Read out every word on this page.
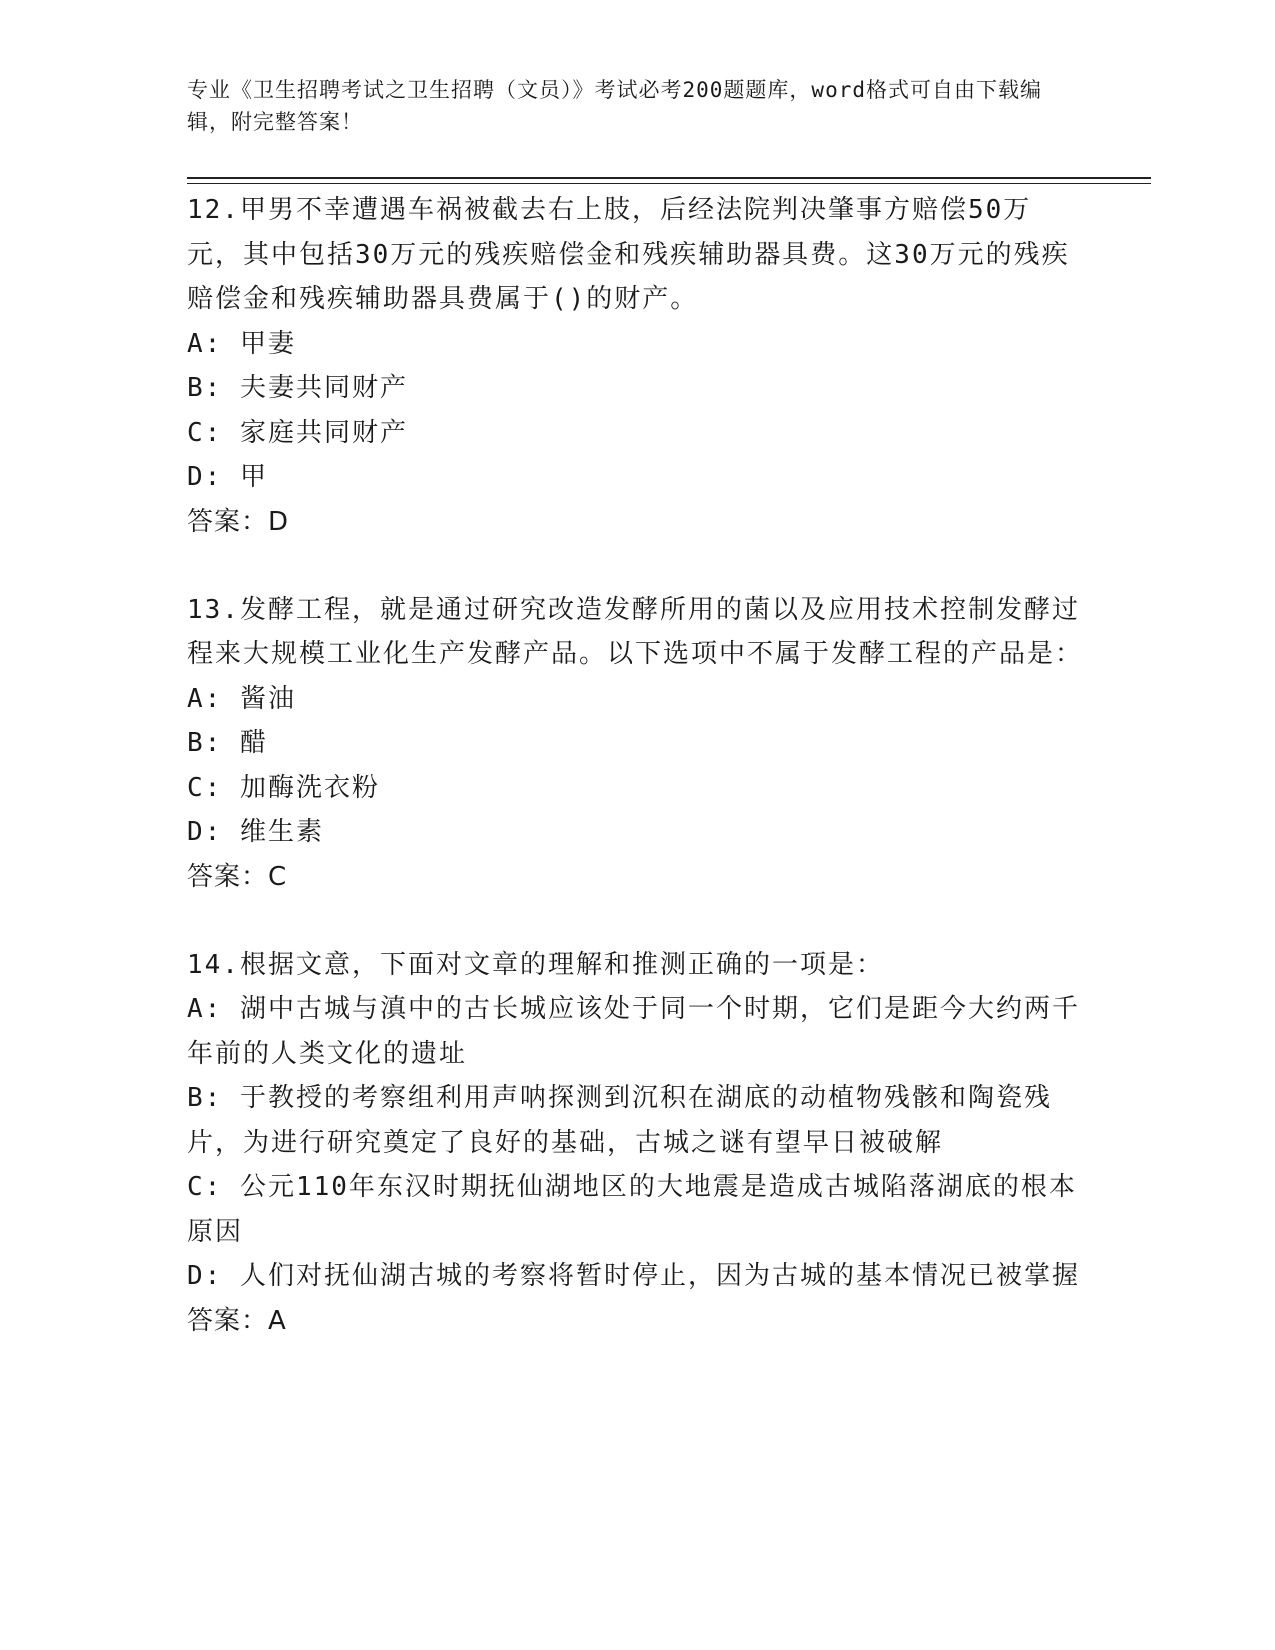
专业《卫生招聘考试之卫生招聘（文员）》考试必考200题题库，word格式可自由下载编辑，附完整答案！

12.甲男不幸遭遇车祸被截去右上肢，后经法院判决肇事方赔偿50万元，其中包括30万元的残疾赔偿金和残疾辅助器具费。这30万元的残疾赔偿金和残疾辅助器具费属于()的财产。

A: 甲妻

B: 夫妻共同财产

C: 家庭共同财产

D: 甲

答案：D

13.发酵工程，就是通过研究改造发酵所用的菌以及应用技术控制发酵过程来大规模工业化生产发酵产品。以下选项中不属于发酵工程的产品是：

A: 酱油

B: 醋

C: 加酶洗衣粉

D: 维生素

答案：C

14.根据文意，下面对文章的理解和推测正确的一项是：

A: 湖中古城与滇中的古长城应该处于同一个时期，它们是距今大约两千年前的人类文化的遗址

B: 于教授的考察组利用声呐探测到沉积在湖底的动植物残骸和陶瓷残片，为进行研究奠定了良好的基础，古城之谜有望早日被破解

C: 公元110年东汉时期抚仙湖地区的大地震是造成古城陷落湖底的根本原因

D: 人们对抚仙湖古城的考察将暂时停止，因为古城的基本情况已被掌握

答案：A
